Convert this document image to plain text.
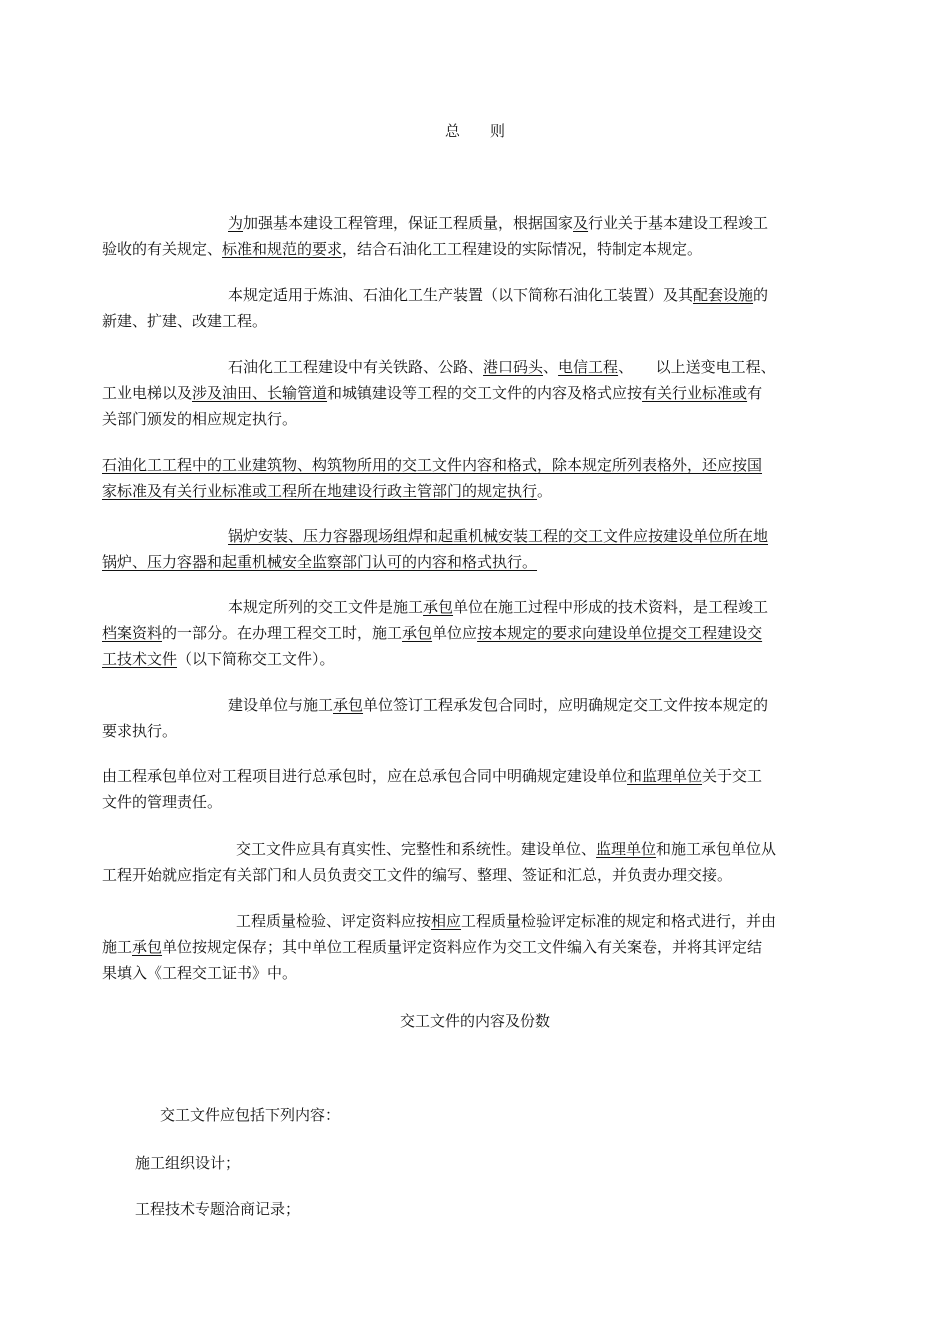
总　　则
为加强基本建设工程管理，保证工程质量，根据国家及行业关于基本建设工程竣工
验收的有关规定、标准和规范的要求，结合石油化工工程建设的实际情况，特制定本规定。
本规定适用于炼油、石油化工生产装置（以下简称石油化工装置）及其配套设施的
新建、扩建、改建工程。
石油化工工程建设中有关铁路、公路、港口码头、电信工程、　　以上送变电工程、
工业电梯以及涉及油田、长输管道和城镇建设等工程的交工文件的内容及格式应按有关行业标准或有
关部门颁发的相应规定执行。
石油化工工程中的工业建筑物、构筑物所用的交工文件内容和格式，除本规定所列表格外，还应按国
家标准及有关行业标准或工程所在地建设行政主管部门的规定执行。
锅炉安装、压力容器现场组焊和起重机械安装工程的交工文件应按建设单位所在地
锅炉、压力容器和起重机械安全监察部门认可的内容和格式执行。
本规定所列的交工文件是施工承包单位在施工过程中形成的技术资料，是工程竣工
档案资料的一部分。在办理工程交工时，施工承包单位应按本规定的要求向建设单位提交工程建设交
工技术文件（以下简称交工文件）。
建设单位与施工承包单位签订工程承发包合同时，应明确规定交工文件按本规定的
要求执行。
由工程承包单位对工程项目进行总承包时，应在总承包合同中明确规定建设单位和监理单位关于交工
文件的管理责任。
交工文件应具有真实性、完整性和系统性。建设单位、监理单位和施工承包单位从
工程开始就应指定有关部门和人员负责交工文件的编写、整理、签证和汇总，并负责办理交接。
工程质量检验、评定资料应按相应工程质量检验评定标准的规定和格式进行，并由
施工承包单位按规定保存；其中单位工程质量评定资料应作为交工文件编入有关案卷，并将其评定结
果填入《工程交工证书》中。
交工文件的内容及份数
交工文件应包括下列内容：
施工组织设计；
工程技术专题洽商记录；
